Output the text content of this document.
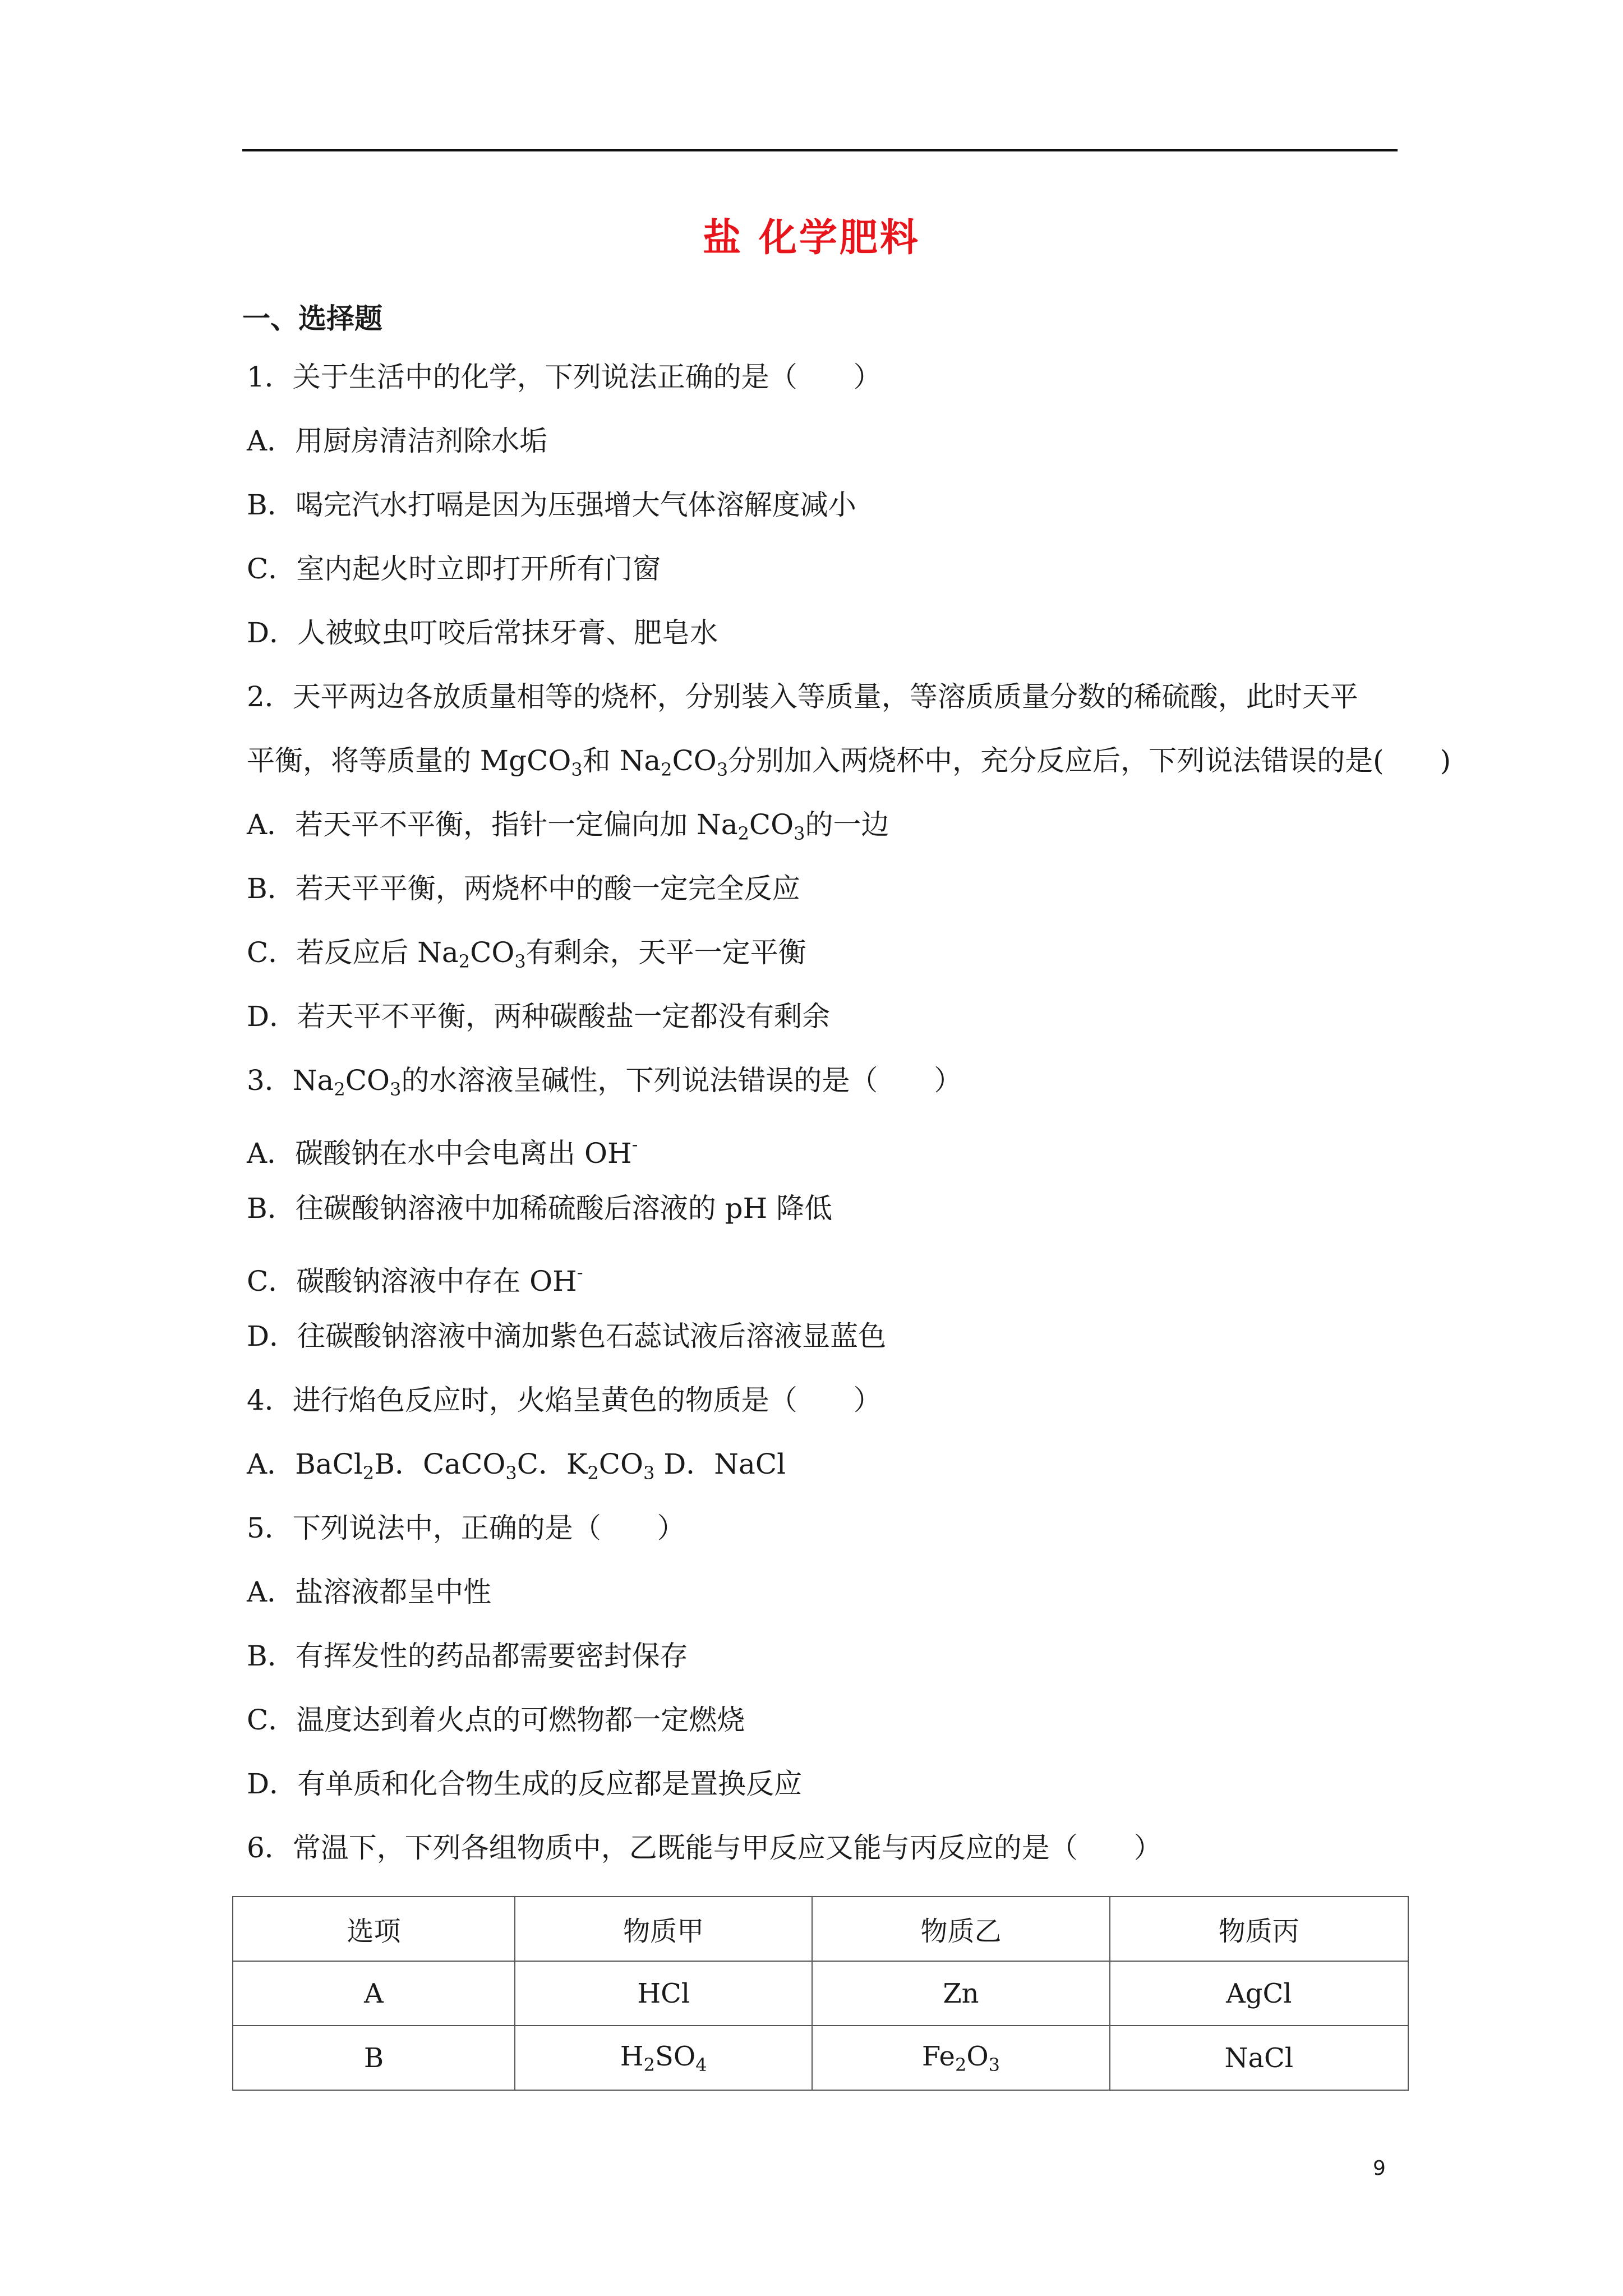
盐 化学肥料
一、选择题
1．关于生活中的化学，下列说法正确的是（　　）
A．用厨房清洁剂除水垢
B．喝完汽水打嗝是因为压强增大气体溶解度减小
C．室内起火时立即打开所有门窗
D．人被蚊虫叮咬后常抹牙膏、肥皂水
2．天平两边各放质量相等的烧杯，分别装入等质量，等溶质质量分数的稀硫酸，此时天平
平衡，将等质量的 MgCO$_3$和 $Na_2CO_3$分别加入两烧杯中，充分反应后，下列说法错误的是(　　)
A．若天平不平衡，指针一定偏向加 $Na_2CO_3$的一边
B．若天平平衡，两烧杯中的酸一定完全反应
C．若反应后 $Na_2CO_3$有剩余，天平一定平衡
D．若天平不平衡，两种碳酸盐一定都没有剩余
3．$Na_2CO_3$的水溶液呈碱性，下列说法错误的是（　　）
A．碳酸钠在水中会电离出 OH-
B．往碳酸钠溶液中加稀硫酸后溶液的 pH 降低
C．碳酸钠溶液中存在 OH-
D．往碳酸钠溶液中滴加紫色石蕊试液后溶液显蓝色
4．进行焰色反应时，火焰呈黄色的物质是（　　）
A．BaCl$_2$B．CaCO$_3$C．$K_2CO_3$ D．NaCl
5．下列说法中，正确的是（　　）
A．盐溶液都呈中性
B．有挥发性的药品都需要密封保存
C．温度达到着火点的可燃物都一定燃烧
D．有单质和化合物生成的反应都是置换反应
6．常温下，下列各组物质中，乙既能与甲反应又能与丙反应的是（　　）
选项	物质甲	物质乙	物质丙
A	HCl	Zn	AgCl
B	$H_2SO_4$	$Fe_2O_3$	NaCl
9
